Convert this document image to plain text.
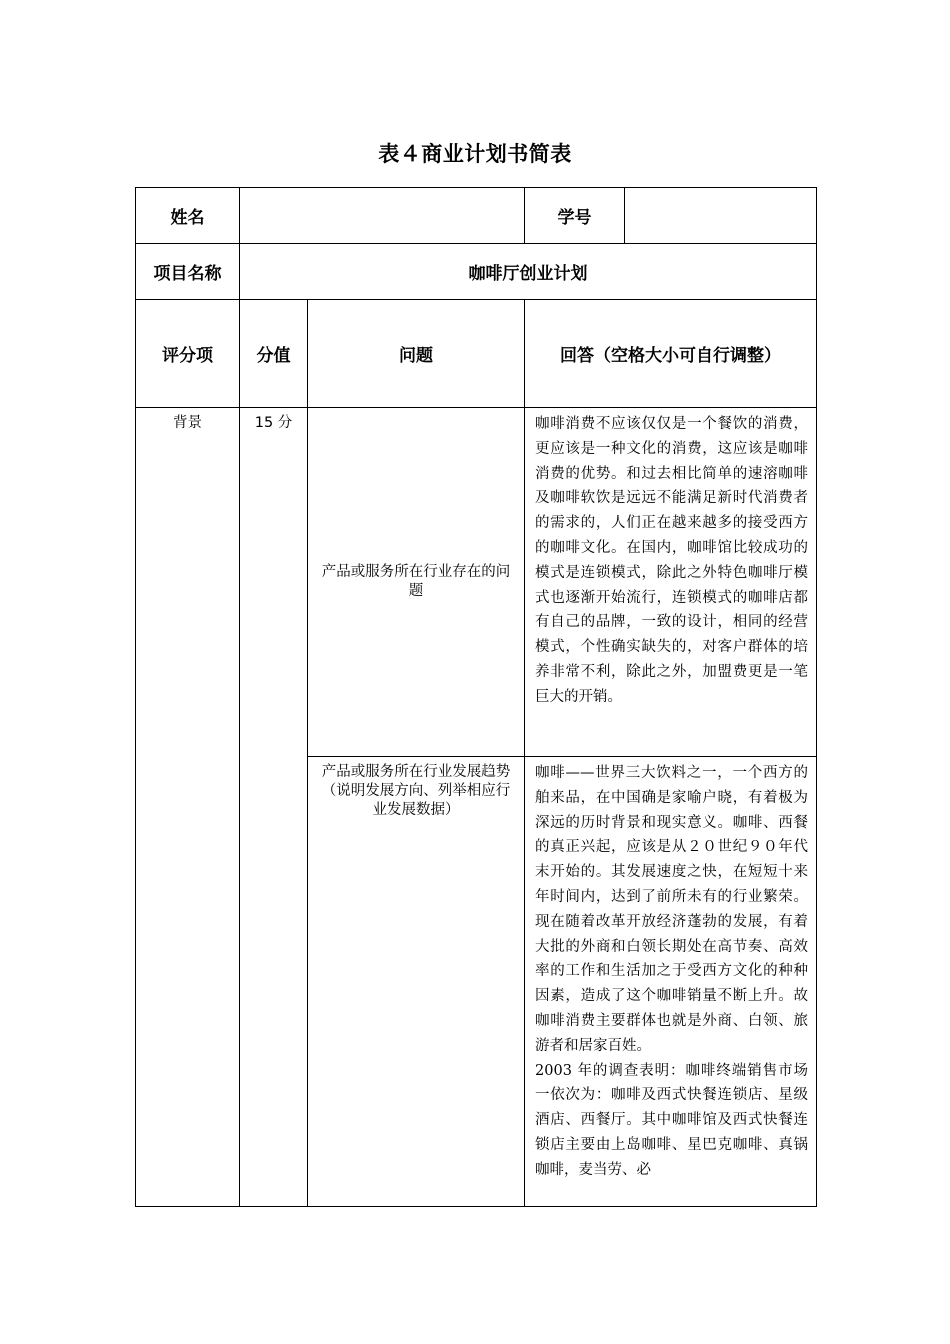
表４商业计划书简表
姓名			学号	
项目名称	咖啡厅创业计划			
评分项	分值	问题	回答（空格大小可自行调整）	
背景	15 分	产品或服务所在行业存在的问题	咖啡消费不应该仅仅是一个餐饮的消费，更应该是一种文化的消费，这应该是咖啡消费的优势。和过去相比简单的速溶咖啡及咖啡软饮是远远不能满足新时代消费者的需求的，人们正在越来越多的接受西方的咖啡文化。在国内，咖啡馆比较成功的模式是连锁模式，除此之外特色咖啡厅模式也逐渐开始流行，连锁模式的咖啡店都有自己的品牌，一致的设计，相同的经营模式，个性确实缺失的，对客户群体的培养非常不利，除此之外，加盟费更是一笔巨大的开销。	

		产品或服务所在行业发展趋势（说明发展方向、列举相应行业发展数据）	咖啡——世界三大饮料之一，一个西方的舶来品，在中国确是家喻户晓，有着极为深远的历时背景和现实意义。咖啡、西餐的真正兴起，应该是从２０世纪９０年代末开始的。其发展速度之快，在短短十来年时间内，达到了前所未有的行业繁荣。现在随着改革开放经济蓬勃的发展，有着大批的外商和白领长期处在高节奏、高效率的工作和生活加之于受西方文化的种种因素，造成了这个咖啡销量不断上升。故咖啡消费主要群体也就是外商、白领、旅游者和居家百姓。

2003 年的调查表明：咖啡终端销售市场一依次为：咖啡及西式快餐连锁店、星级酒店、西餐厅。其中咖啡馆及西式快餐连锁店主要由上岛咖啡、星巴克咖啡、真锅咖啡，麦当劳、必	
